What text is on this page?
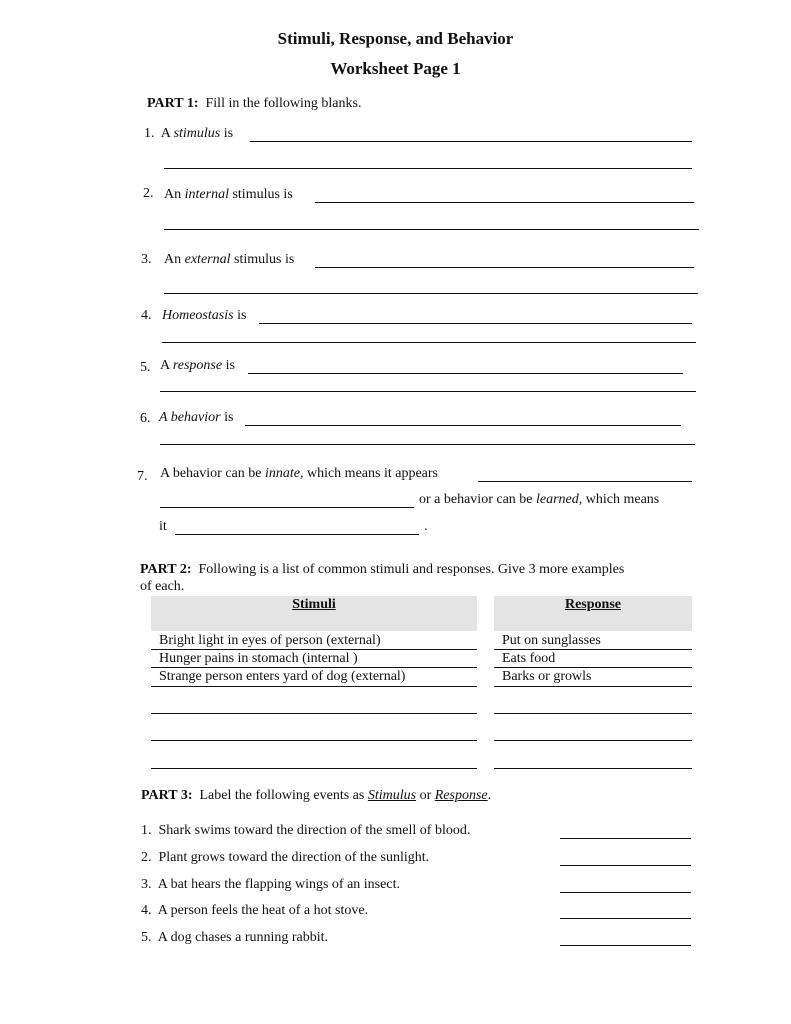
Stimuli, Response, and Behavior
Worksheet Page 1
PART 1: Fill in the following blanks.
1. A stimulus is
2. An internal stimulus is
3. An external stimulus is
4. Homeostasis is
5. A response is
6. A behavior is
7. A behavior can be innate, which means it appears
or a behavior can be learned, which means
it	.
PART 2: Following is a list of common stimuli and responses. Give 3 more examples
of each.
Stimuli	Response
Bright light in eyes of person (external)	Put on sunglasses
Hunger pains in stomach (internal )	Eats food
Strange person enters yard of dog (external)	Barks or growls
PART 3: Label the following events as Stimulus or Response.
1. Shark swims toward the direction of the smell of blood.
2. Plant grows toward the direction of the sunlight.
3. A bat hears the flapping wings of an insect.
4. A person feels the heat of a hot stove.
5. A dog chases a running rabbit.
